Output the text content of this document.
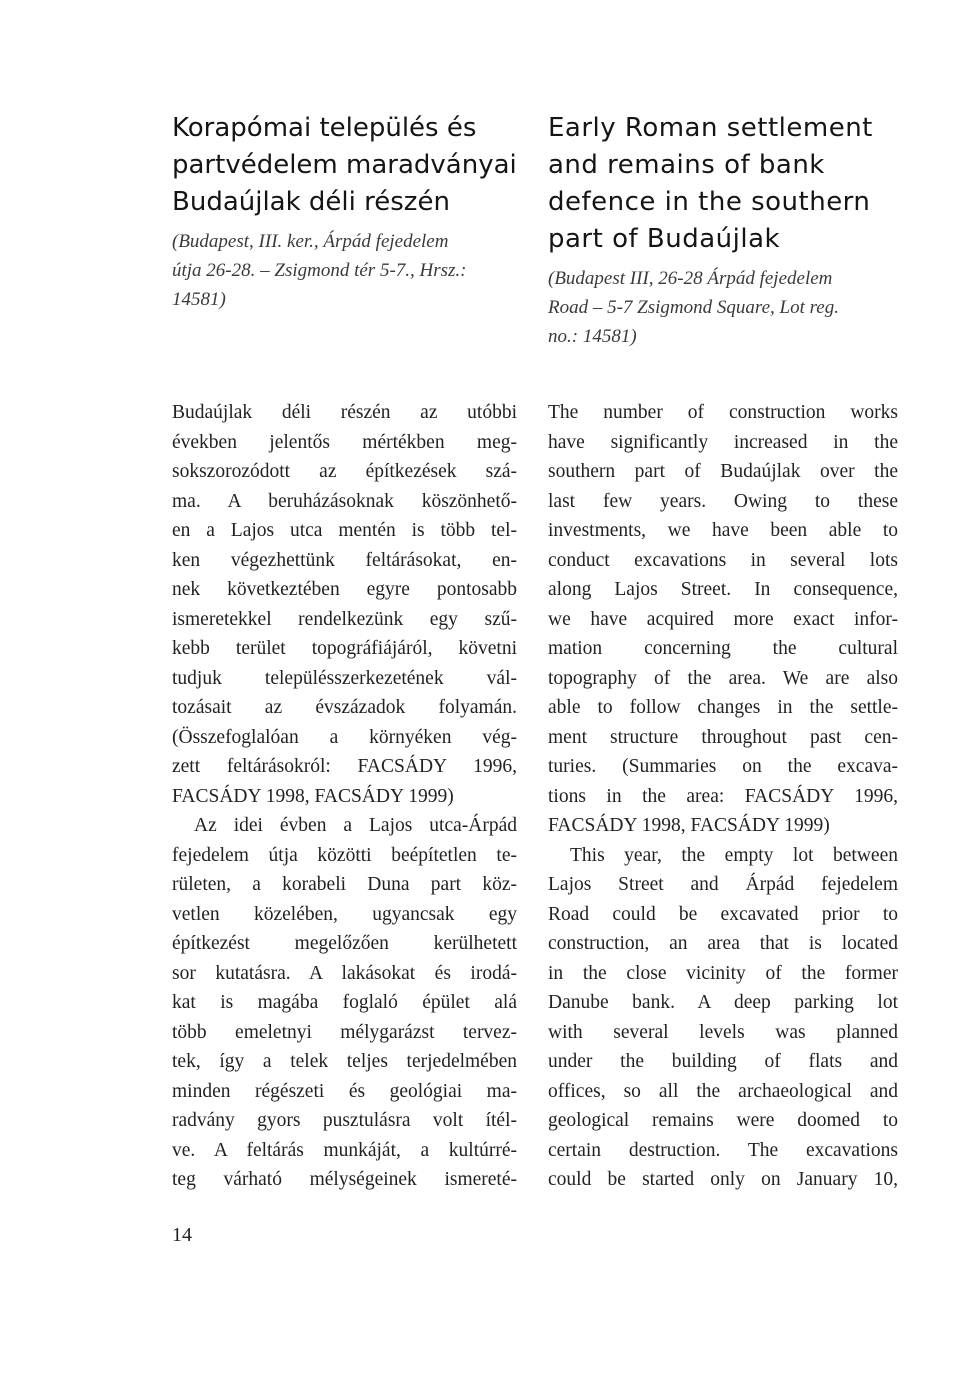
Koraрómai település és
partvédelem maradványai
Budaújlak déli részén

(Budapest, III. ker., Árpád fejedelem
útja 26-28. – Zsigmond tér 5-7., Hrsz.:
14581)

Budaújlak déli részén az utóbbi
években jelentős mértékben meg-
sokszorozódott az építkezések szá-
ma. A beruházásoknak köszönhető-
en a Lajos utca mentén is több tel-
ken végezhettünk feltárásokat, en-
nek következtében egyre pontosabb
ismeretekkel rendelkezünk egy szű-
kebb terület topográfiájáról, követni
tudjuk településszerkezetének vál-
tozásait az évszázadok folyamán.
(Összefoglalóan a környéken vég-
zett feltárásokról: FACSÁDY 1996,
FACSÁDY 1998, FACSÁDY 1999)
Az idei évben a Lajos utca-Árpád
fejedelem útja közötti beépítetlen te-
rületen, a korabeli Duna part köz-
vetlen közelében, ugyancsak egy
építkezést megelőzően kerülhetett
sor kutatásra. A lakásokat és irodá-
kat is magába foglaló épület alá
több emeletnyi mélygarázst tervez-
tek, így a telek teljes terjedelmében
minden régészeti és geológiai ma-
radvány gyors pusztulásra volt ítél-
ve. A feltárás munkáját, a kultúrré-
teg várható mélységeinek ismereté-
Early Roman settlement
and remains of bank
defence in the southern
part of Budaújlak

(Budapest III, 26-28 Árpád fejedelem
Road – 5-7 Zsigmond Square, Lot reg.
no.: 14581)

The number of construction works
have significantly increased in the
southern part of Budaújlak over the
last few years. Owing to these
investments, we have been able to
conduct excavations in several lots
along Lajos Street. In consequence,
we have acquired more exact infor-
mation concerning the cultural
topography of the area. We are also
able to follow changes in the settle-
ment structure throughout past cen-
turies. (Summaries on the excava-
tions in the area: FACSÁDY 1996,
FACSÁDY 1998, FACSÁDY 1999)
This year, the empty lot between
Lajos Street and Árpád fejedelem
Road could be excavated prior to
construction, an area that is located
in the close vicinity of the former
Danube bank. A deep parking lot
with several levels was planned
under the building of flats and
offices, so all the archaeological and
geological remains were doomed to
certain destruction. The excavations
could be started only on January 10,
14
